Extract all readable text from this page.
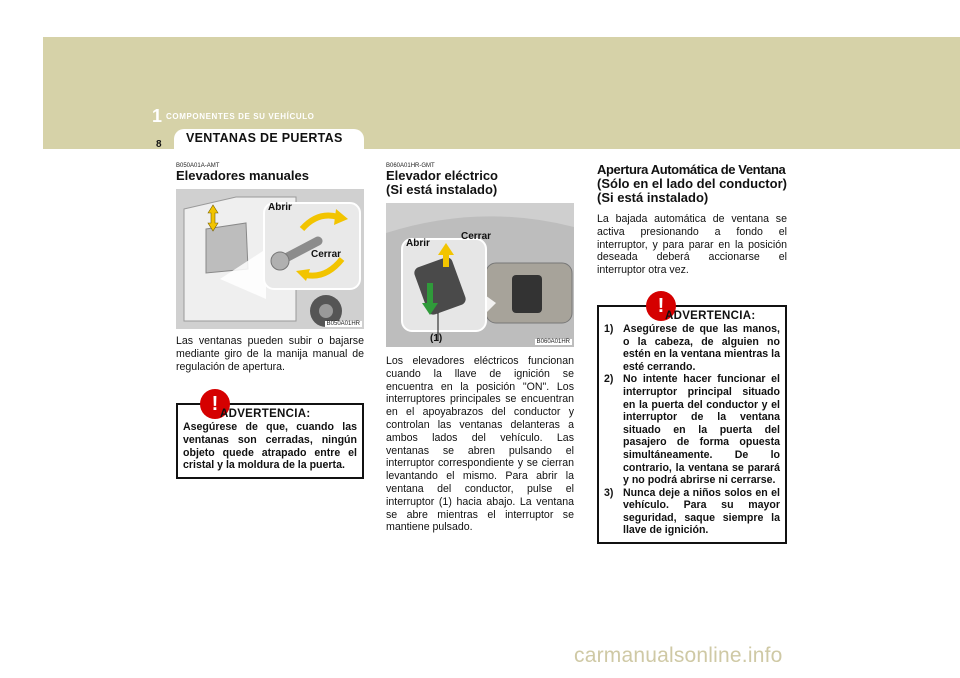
1 COMPONENTES DE SU VEHÍCULO
8 VENTANAS DE PUERTAS
B050A01A-AMT
Elevadores manuales
Abrir
Cerrar
B050A01HR
Las ventanas pueden subir o bajarse mediante giro de la manija manual de regulación de apertura.
! ADVERTENCIA:
Asegúrese de que, cuando las ventanas son cerradas, ningún objeto quede atrapado entre el cristal y la moldura de la puerta.
B060A01HR-GMT
Elevador eléctrico
(Si está instalado)
Abrir
Cerrar
(1)	B060A01HR
Los elevadores eléctricos funcionan cuando la llave de ignición se encuentra en la posición "ON". Los interruptores principales se encuentran en el apoyabrazos del conductor y controlan las ventanas delanteras a ambos lados del vehículo. Las ventanas se abren pulsando el interruptor correspondiente y se cierran levantando el mismo. Para abrir la ventana del conductor, pulse el interruptor (1) hacia abajo. La ventana se abre mientras el interruptor se mantiene pulsado.
Apertura Automática de Ventana
(Sólo en el lado del conductor)
(Si está instalado)
La bajada automática de ventana se activa presionando a fondo el interruptor, y para parar en la posición deseada deberá accionarse el interruptor otra vez.
! ADVERTENCIA:
1) Asegúrese de que las manos, o la cabeza, de alguien no estén en la ventana mientras la esté cerrando.
2) No intente hacer funcionar el interruptor principal situado en la puerta del conductor y el interruptor de la ventana situado en la puerta del pasajero de forma opuesta simultáneamente. De lo contrario, la ventana se parará y no podrá abrirse ni cerrarse.
3) Nunca deje a niños solos en el vehículo. Para su mayor seguridad, saque siempre la llave de ignición.
carmanualsonline.info
